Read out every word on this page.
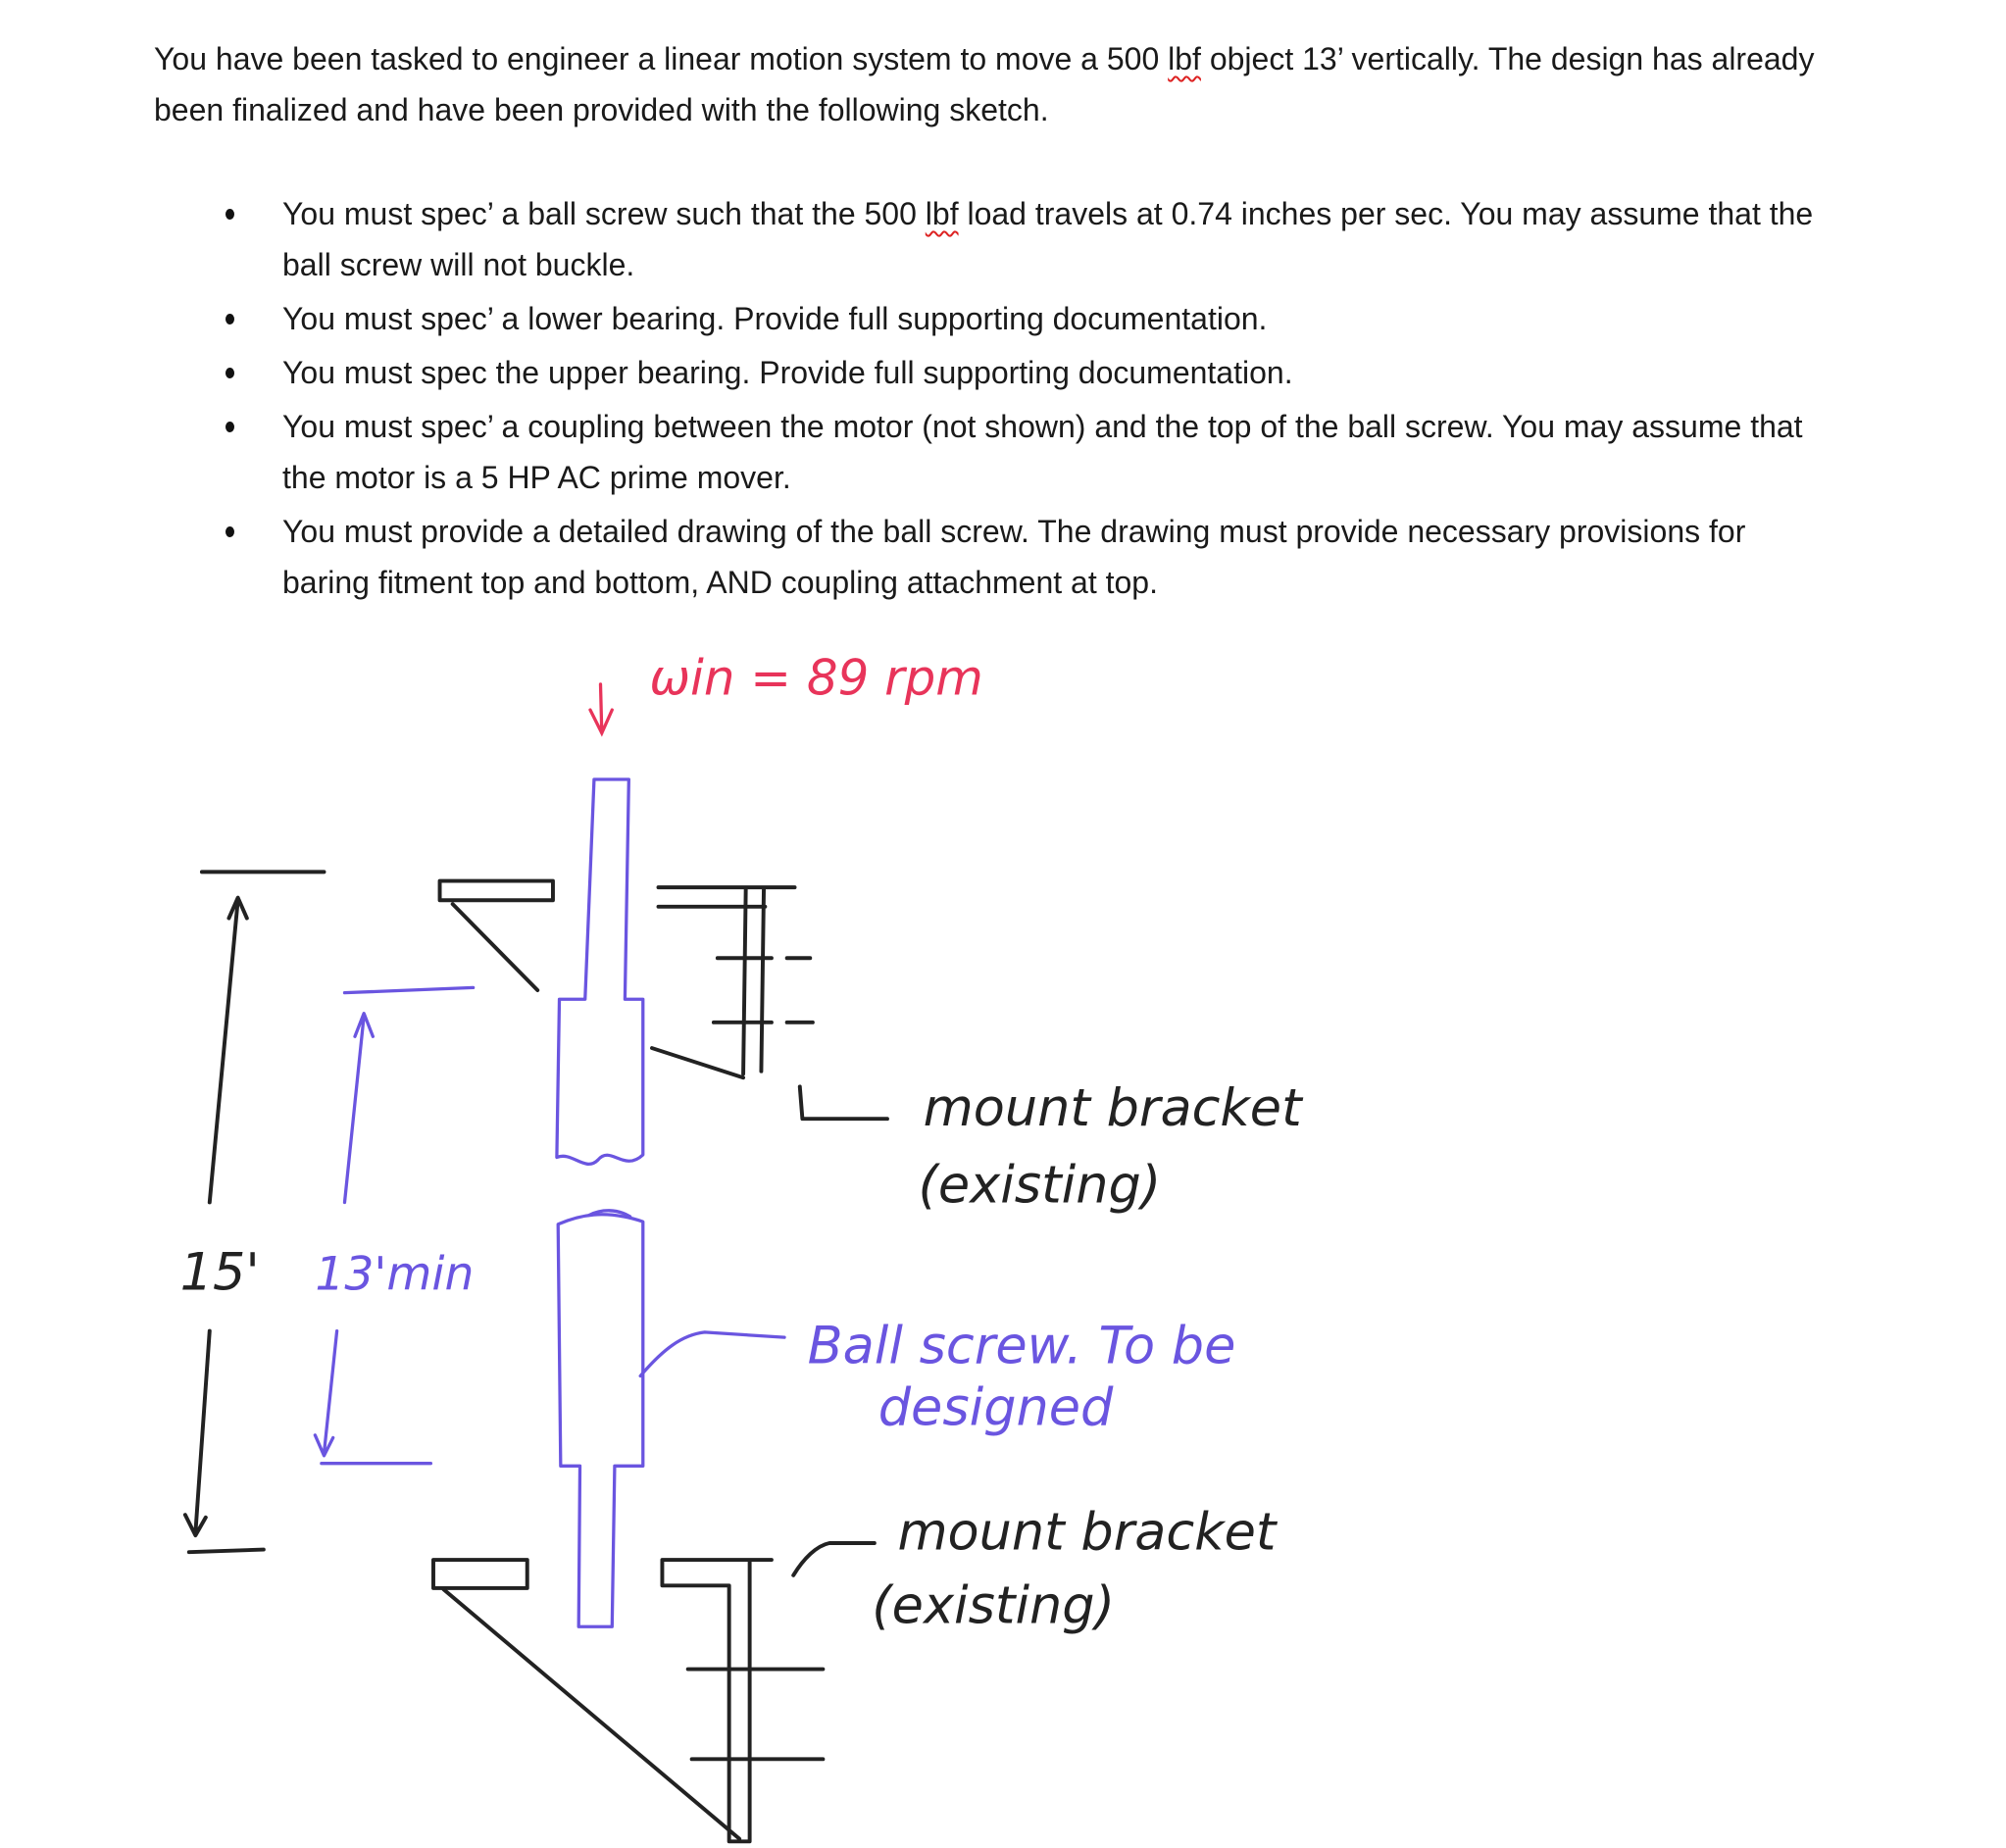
You have been tasked to engineer a linear motion system to move a 500 lbf object 13’ vertically. The design has already been finalized and have been provided with the following sketch.
You must spec’ a ball screw such that the 500 lbf load travels at 0.74 inches per sec. You may assume that the ball screw will not buckle.
You must spec’ a lower bearing. Provide full supporting documentation.
You must spec the upper bearing. Provide full supporting documentation.
You must spec’ a coupling between the motor (not shown) and the top of the ball screw. You may assume that the motor is a 5 HP AC prime mover.
You must provide a detailed drawing of the ball screw. The drawing must provide necessary provisions for baring fitment top and bottom, AND coupling attachment at top.
ωin = 89 rpm
mount bracket
(existing)
15' 13'min
Ball screw. To be
designed
mount bracket
(existing)
